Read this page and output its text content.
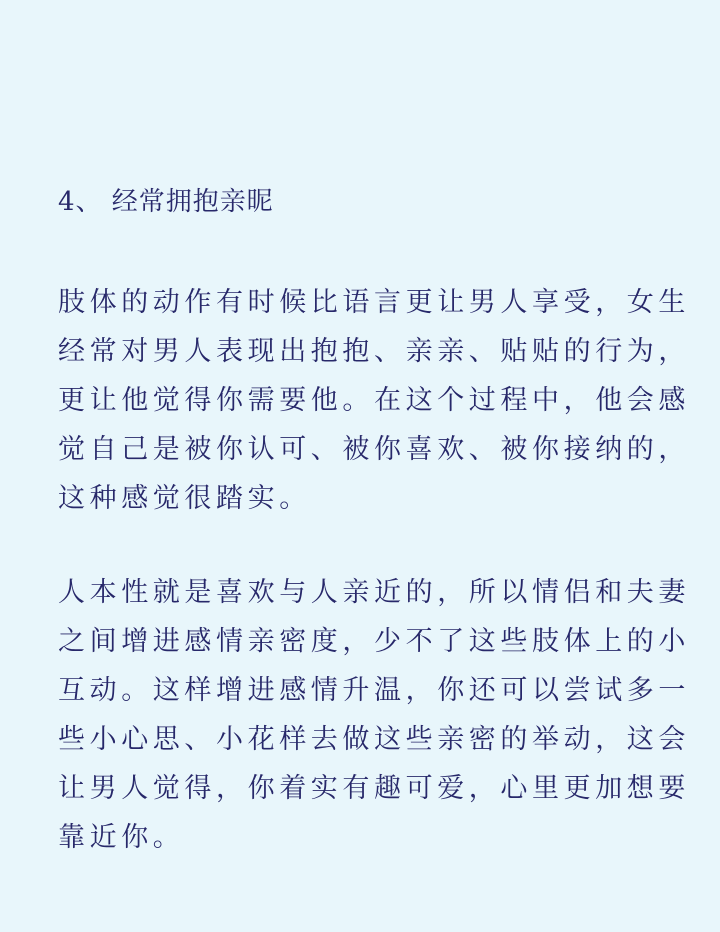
4、 经常拥抱亲昵

肢体的动作有时候比语言更让男人享受，女生
经常对男人表现出抱抱、亲亲、贴贴的行为，
更让他觉得你需要他。在这个过程中，他会感
觉自己是被你认可、被你喜欢、被你接纳的，
这种感觉很踏实。

人本性就是喜欢与人亲近的，所以情侣和夫妻
之间增进感情亲密度，少不了这些肢体上的小
互动。这样增进感情升温，你还可以尝试多一
些小心思、小花样去做这些亲密的举动，这会
让男人觉得，你着实有趣可爱，心里更加想要
靠近你。
